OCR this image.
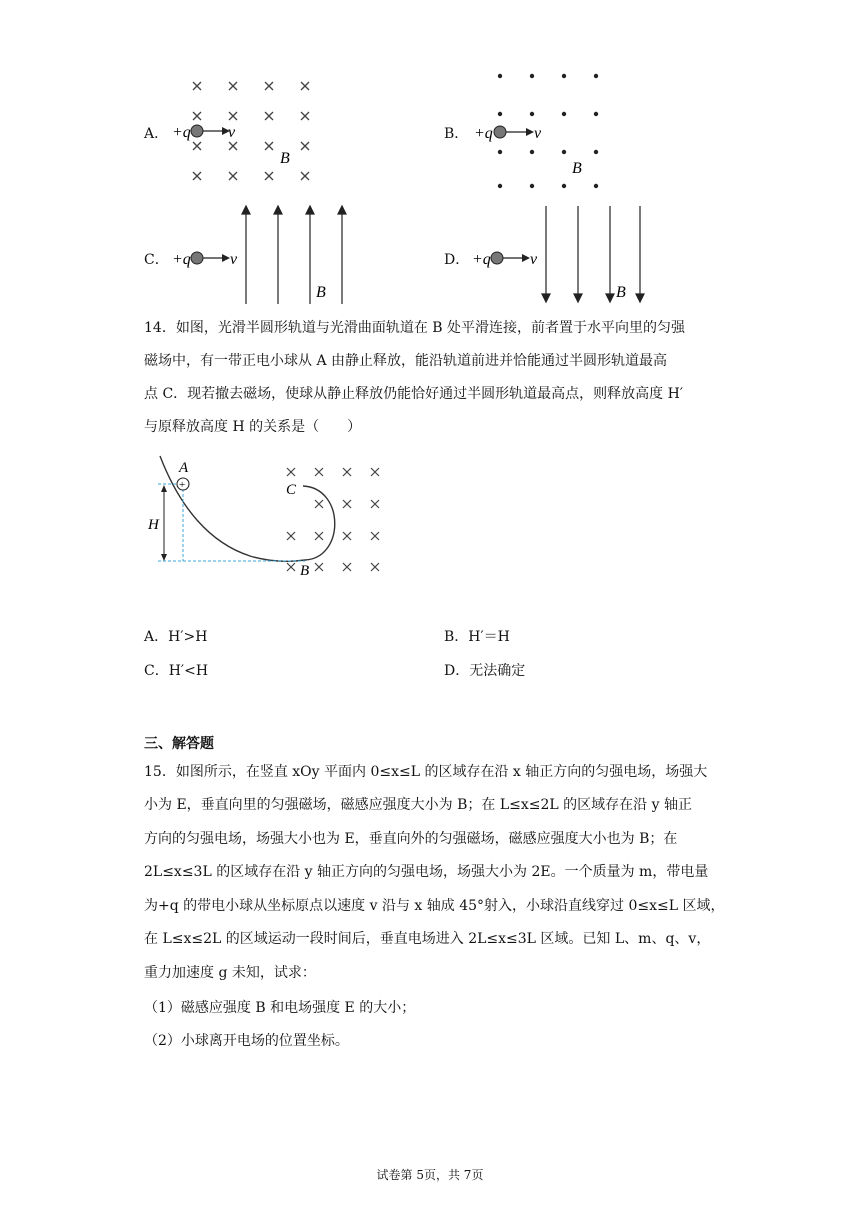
A． +q v
B
B． +q	v
B
C． +q v
B
D． +q v
B
14．如图，光滑半圆形轨道与光滑曲面轨道在 B 处平滑连接，前者置于水平向里的匀强
磁场中，有一带正电小球从 A 由静止释放，能沿轨道前进并恰能通过半圆形轨道最高
点 C．现若撤去磁场，使球从静止释放仍能恰好通过半圆形轨道最高点，则释放高度 H′
与原释放高度 H 的关系是（　　）
H
+
A
C
B
A．H′>H	B．H′＝H
C．H′<H	D．无法确定
三、解答题
15．如图所示，在竖直 xOy 平面内 0≤x≤L 的区域存在沿 x 轴正方向的匀强电场，场强大
小为 E，垂直向里的匀强磁场，磁感应强度大小为 B；在 L≤x≤2L 的区域存在沿 y 轴正
方向的匀强电场，场强大小也为 E，垂直向外的匀强磁场，磁感应强度大小也为 B；在
2L≤x≤3L 的区域存在沿 y 轴正方向的匀强电场，场强大小为 2E。一个质量为 m，带电量
为+q 的带电小球从坐标原点以速度 v 沿与 x 轴成 45°射入，小球沿直线穿过 0≤x≤L 区域，
在 L≤x≤2L 的区域运动一段时间后，垂直电场进入 2L≤x≤3L 区域。已知 L、m、q、v，
重力加速度 g 未知，试求：
（1）磁感应强度 B 和电场强度 E 的大小；
（2）小球离开电场的位置坐标。
试卷第 5页，共 7页
